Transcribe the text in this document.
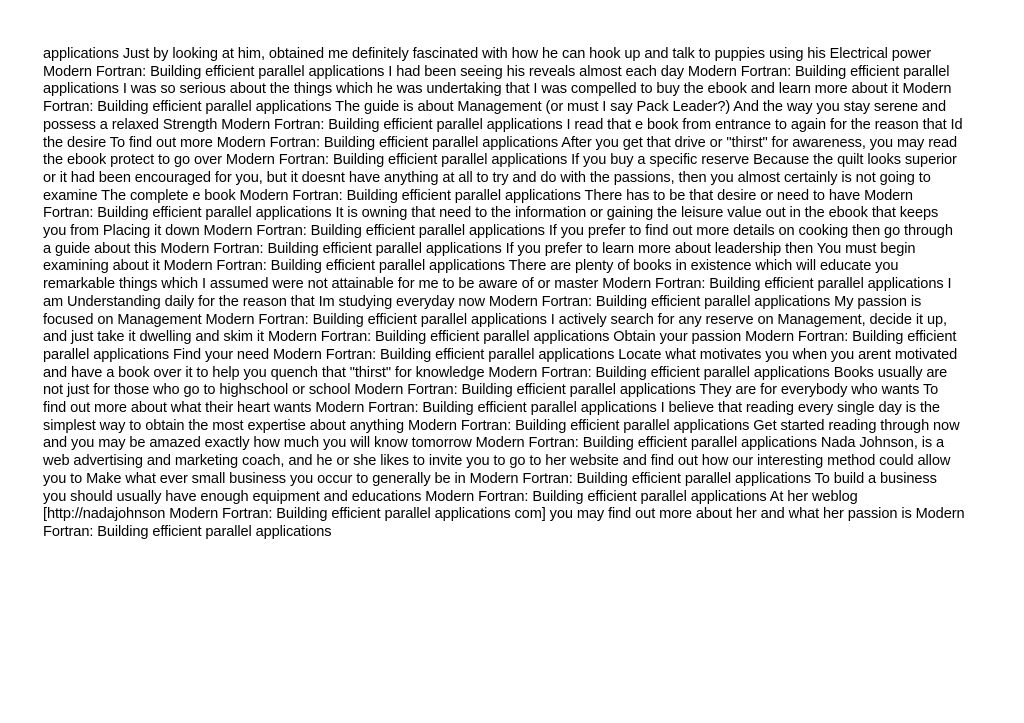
applications Just by looking at him, obtained me definitely fascinated with how he can hook up and talk to puppies using his Electrical power
Modern Fortran: Building efficient parallel applications I had been seeing his reveals almost each day Modern Fortran: Building efficient parallel
applications I was so serious about the things which he was undertaking that I was compelled to buy the ebook and learn more about it Modern
Fortran: Building efficient parallel applications The guide is about Management (or must I say Pack Leader?) And the way you stay serene and
possess a relaxed Strength Modern Fortran: Building efficient parallel applications I read that e book from entrance to again for the reason that Id
the desire To find out more Modern Fortran: Building efficient parallel applications After you get that drive or "thirst" for awareness, you may read
the ebook protect to go over Modern Fortran: Building efficient parallel applications If you buy a specific reserve Because the quilt looks superior
or it had been encouraged for you, but it doesnt have anything at all to try and do with the passions, then you almost certainly is not going to
examine The complete e book Modern Fortran: Building efficient parallel applications There has to be that desire or need to have Modern
Fortran: Building efficient parallel applications It is owning that need to the information or gaining the leisure value out in the ebook that keeps
you from Placing it down Modern Fortran: Building efficient parallel applications If you prefer to find out more details on cooking then go through
a guide about this Modern Fortran: Building efficient parallel applications If you prefer to learn more about leadership then You must begin
examining about it Modern Fortran: Building efficient parallel applications There are plenty of books in existence which will educate you
remarkable things which I assumed were not attainable for me to be aware of or master Modern Fortran: Building efficient parallel applications I
am Understanding daily for the reason that Im studying everyday now Modern Fortran: Building efficient parallel applications My passion is
focused on Management Modern Fortran: Building efficient parallel applications I actively search for any reserve on Management, decide it up,
and just take it dwelling and skim it Modern Fortran: Building efficient parallel applications Obtain your passion Modern Fortran: Building efficient
parallel applications Find your need Modern Fortran: Building efficient parallel applications Locate what motivates you when you arent motivated
and have a book over it to help you quench that "thirst" for knowledge Modern Fortran: Building efficient parallel applications Books usually are
not just for those who go to highschool or school Modern Fortran: Building efficient parallel applications They are for everybody who wants To
find out more about what their heart wants Modern Fortran: Building efficient parallel applications I believe that reading every single day is the
simplest way to obtain the most expertise about anything Modern Fortran: Building efficient parallel applications Get started reading through now
and you may be amazed exactly how much you will know tomorrow Modern Fortran: Building efficient parallel applications Nada Johnson, is a
web advertising and marketing coach, and he or she likes to invite you to go to her website and find out how our interesting method could allow
you to Make what ever small business you occur to generally be in Modern Fortran: Building efficient parallel applications To build a business
you should usually have enough equipment and educations Modern Fortran: Building efficient parallel applications At her weblog
[http://nadajohnson Modern Fortran: Building efficient parallel applications com] you may find out more about her and what her passion is Modern
Fortran: Building efficient parallel applications
